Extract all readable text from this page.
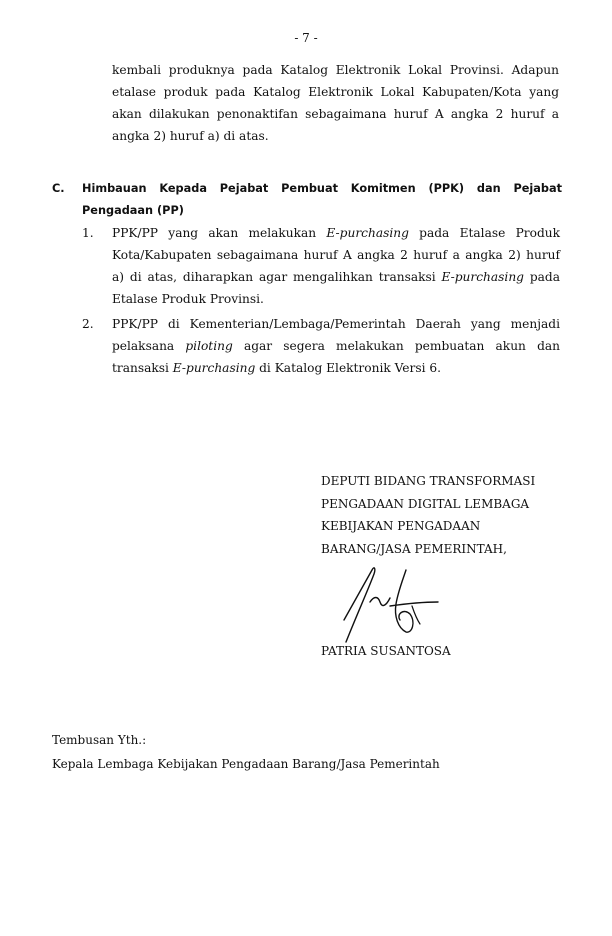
- 7 -
kembali produknya pada Katalog Elektronik Lokal Provinsi. Adapun etalase produk pada Katalog Elektronik Lokal Kabupaten/Kota yang akan dilakukan penonaktifan sebagaimana huruf A angka 2 huruf a angka 2) huruf a) di atas.
C. Himbauan Kepada Pejabat Pembuat Komitmen (PPK) dan Pejabat Pengadaan (PP)
1.	PPK/PP yang akan melakukan E-purchasing pada Etalase Produk Kota/Kabupaten sebagaimana huruf A angka 2 huruf a angka 2) huruf a) di atas, diharapkan agar mengalihkan transaksi E-purchasing pada Etalase Produk Provinsi.
2.	PPK/PP di Kementerian/Lembaga/Pemerintah Daerah yang menjadi pelaksana piloting agar segera melakukan pembuatan akun dan transaksi E-purchasing di Katalog Elektronik Versi 6.
DEPUTI BIDANG TRANSFORMASI
PENGADAAN DIGITAL LEMBAGA
KEBIJAKAN PENGADAAN
BARANG/JASA PEMERINTAH,
PATRIA SUSANTOSA
Tembusan Yth.:
Kepala Lembaga Kebijakan Pengadaan Barang/Jasa Pemerintah
